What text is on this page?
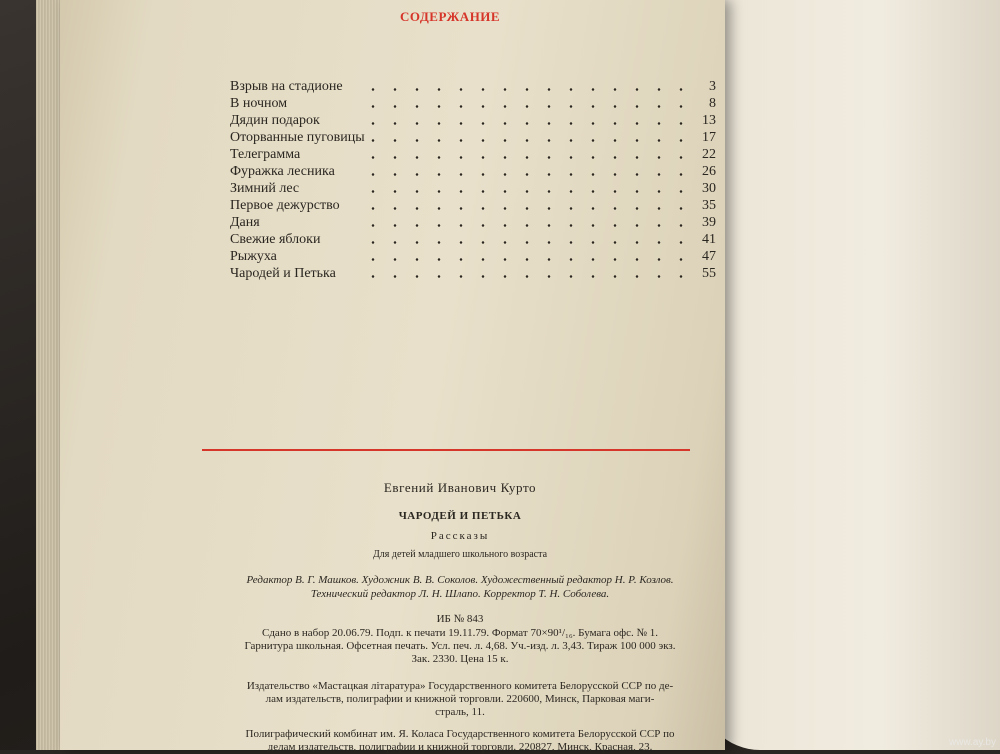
СОДЕРЖАНИЕ
Взрыв на стадионе	3
В ночном	8
Дядин подарок	13
Оторванные пуговицы	17
Телеграмма	22
Фуражка лесника	26
Зимний лес	30
Первое дежурство	35
Даня	39
Свежие яблоки	41
Рыжуха	47
Чародей и Петька	55
Евгений Иванович Курто
ЧАРОДЕЙ И ПЕТЬКА
Рассказы
Для детей младшего школьного возраста
Редактор В. Г. Машков. Художник В. В. Соколов. Художественный редактор Н. Р. Козлов.
Технический редактор Л. Н. Шлапо. Корректор Т. Н. Соболева.
ИБ № 843
Сдано в набор 20.06.79. Подп. к печати 19.11.79. Формат 70×90¹/₁₆. Бумага офс. № 1.
Гарнитура школьная. Офсетная печать. Усл. печ. л. 4,68. Уч.-изд. л. 3,43. Тираж 100 000 экз.
Зак. 2330. Цена 15 к.
Издательство «Мастацкая літаратура» Государственного комитета Белорусской ССР по де-
лам издательств, полиграфии и книжной торговли. 220600, Минск, Парковая маги-
страль, 11.
Полиграфический комбинат им. Я. Коласа Государственного комитета Белорусской ССР по
делам издательств, полиграфии и книжной торговли. 220827, Минск, Красная, 23.	www.ay.by
